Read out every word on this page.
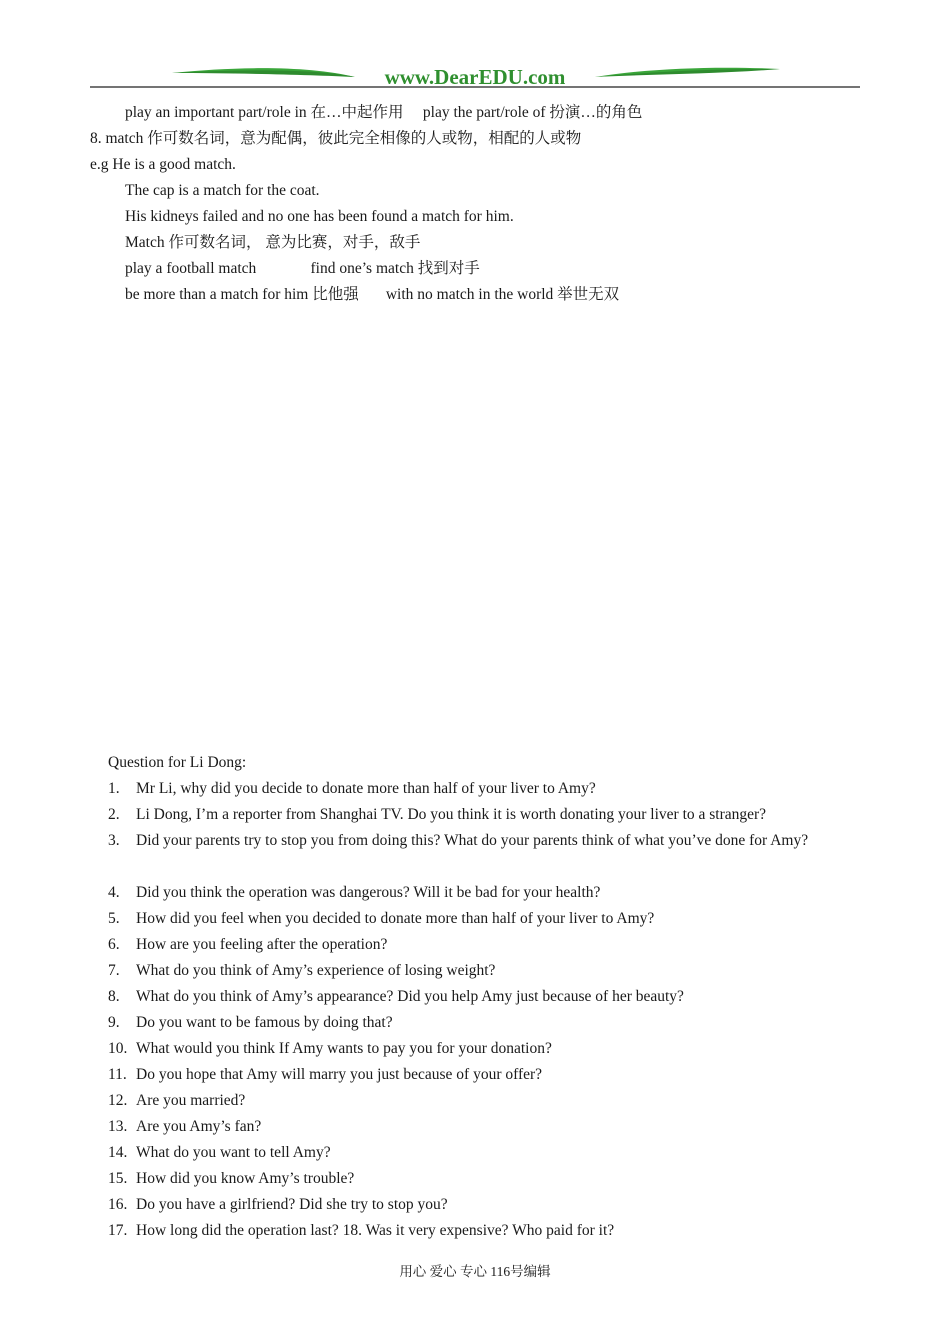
www.DearEDU.com
play an important part/role in 在…中起作用　 play the part/role of 扮演…的角色
8. match 作可数名词，意为配偶，彼此完全相像的人或物，相配的人或物
e.g He is a good match.
The cap is a match for the coat.
His kidneys failed and no one has been found a match for him.
Match 作可数名词， 意为比赛，对手，敌手
play a football match              find one’s match 找到对手
be more than a match for him 比他强       with no match in the world 举世无双
Question for Li Dong:
1.	Mr Li, why did you decide to donate more than half of your liver to Amy?
2.	Li Dong, I’m a reporter from Shanghai TV. Do you think it is worth donating your liver to a stranger?
3.	Did your parents try to stop you from doing this? What do your parents think of what you’ve done for Amy?
4.	Did you think the operation was dangerous? Will it be bad for your health?
5.	How did you feel when you decided to donate more than half of your liver to Amy?
6.	How are you feeling after the operation?
7.	What do you think of Amy’s experience of losing weight?
8.	What do you think of Amy’s appearance? Did you help Amy just because of her beauty?
9.	Do you want to be famous by doing that?
10. What would you think If Amy wants to pay you for your donation?
11. Do you hope that Amy will marry you just because of your offer?
12. Are you married?
13. Are you Amy’s fan?
14. What do you want to tell Amy?
15. How did you know Amy’s trouble?
16. Do you have a girlfriend? Did she try to stop you?
17. How long did the operation last? 18. Was it very expensive? Who paid for it?
用心 爱心 专心 116号编辑
